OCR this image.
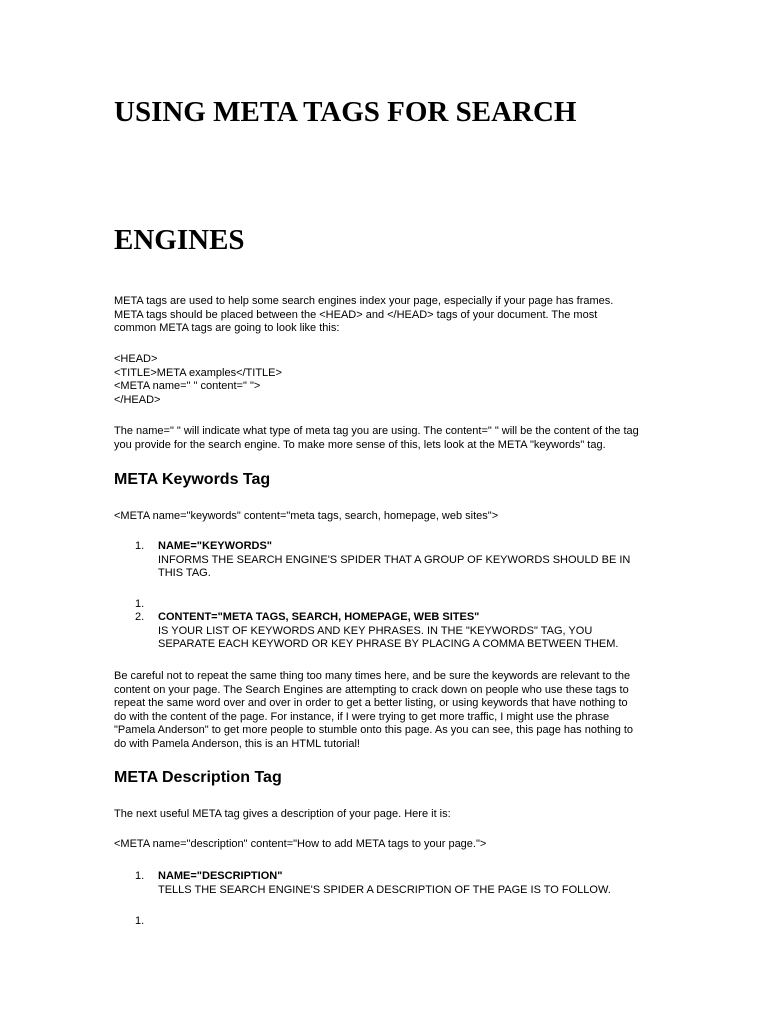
USING META TAGS FOR SEARCH
ENGINES

META tags are used to help some search engines index your page, especially if your page has frames.
META tags should be placed between the <HEAD> and </HEAD> tags of your document. The most
common META tags are going to look like this:

<HEAD>
<TITLE>META examples</TITLE>
<META name=" " content=" ">
</HEAD>

The name=" " will indicate what type of meta tag you are using. The content=" " will be the content of the tag
you provide for the search engine. To make more sense of this, lets look at the META "keywords" tag.

META Keywords Tag

<META name="keywords" content="meta tags, search, homepage, web sites">

1. NAME="KEYWORDS"
INFORMS THE SEARCH ENGINE'S SPIDER THAT A GROUP OF KEYWORDS SHOULD BE IN
THIS TAG.
1.
2. CONTENT="META TAGS, SEARCH, HOMEPAGE, WEB SITES"
IS YOUR LIST OF KEYWORDS AND KEY PHRASES. IN THE "KEYWORDS" TAG, YOU
SEPARATE EACH KEYWORD OR KEY PHRASE BY PLACING A COMMA BETWEEN THEM.

Be careful not to repeat the same thing too many times here, and be sure the keywords are relevant to the
content on your page. The Search Engines are attempting to crack down on people who use these tags to
repeat the same word over and over in order to get a better listing, or using keywords that have nothing to
do with the content of the page. For instance, if I were trying to get more traffic, I might use the phrase
"Pamela Anderson" to get more people to stumble onto this page. As you can see, this page has nothing to
do with Pamela Anderson, this is an HTML tutorial!

META Description Tag

The next useful META tag gives a description of your page. Here it is:

<META name="description" content="How to add META tags to your page.">

1. NAME="DESCRIPTION"
TELLS THE SEARCH ENGINE'S SPIDER A DESCRIPTION OF THE PAGE IS TO FOLLOW.
1.
